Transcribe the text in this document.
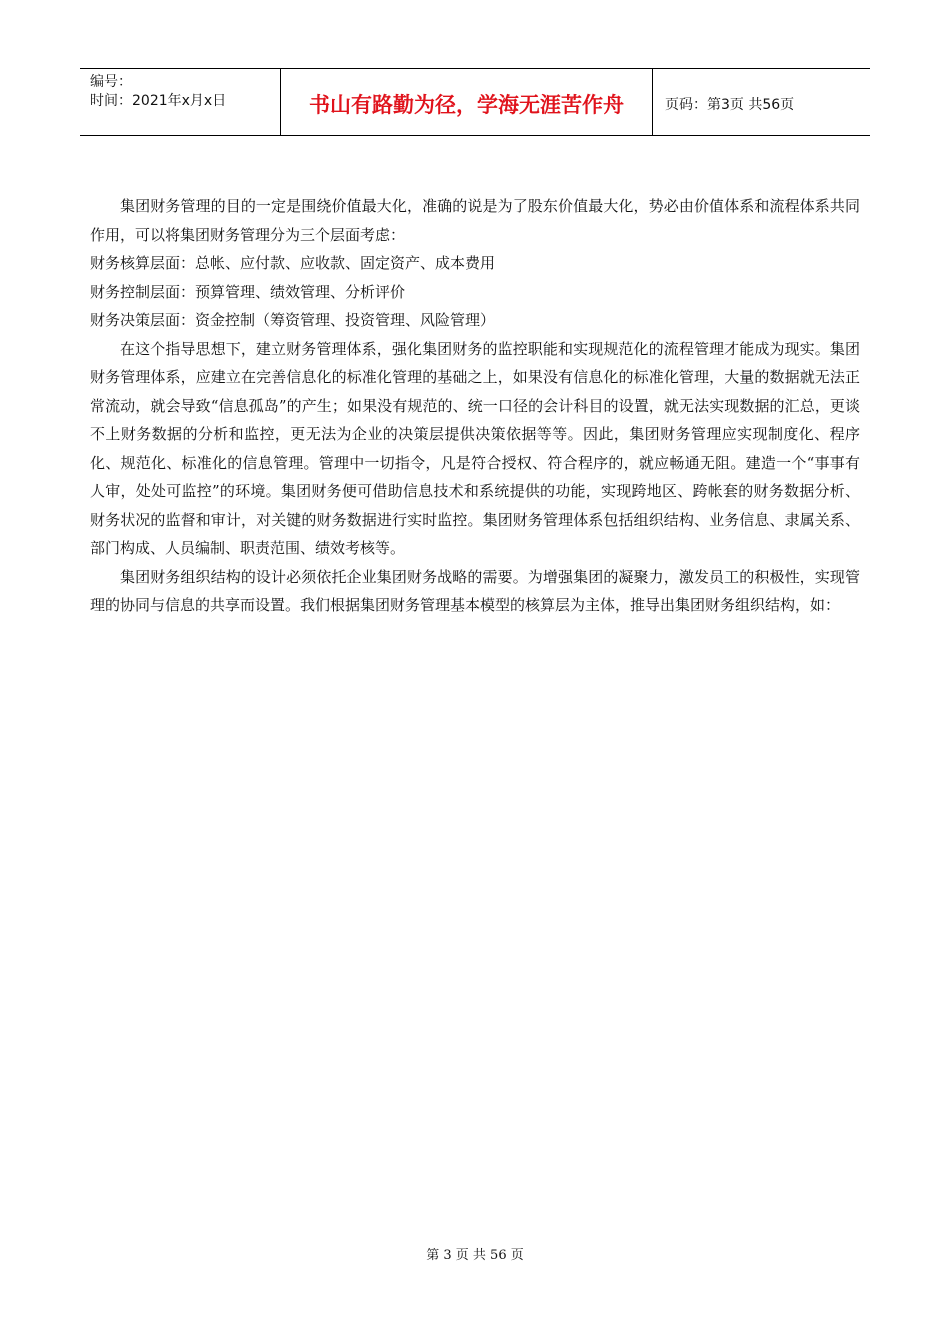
编号：
时间：2021年x月x日	书山有路勤为径，学海无涯苦作舟	页码：第3页 共56页

集团财务管理的目的一定是围绕价值最大化，准确的说是为了股东价值最大化，势必由价值体系和流程体系共同作用，可以将集团财务管理分为三个层面考虑：

财务核算层面：总帐、应付款、应收款、固定资产、成本费用

财务控制层面：预算管理、绩效管理、分析评价

财务决策层面：资金控制（筹资管理、投资管理、风险管理）

在这个指导思想下，建立财务管理体系，强化集团财务的监控职能和实现规范化的流程管理才能成为现实。集团财务管理体系，应建立在完善信息化的标准化管理的基础之上，如果没有信息化的标准化管理，大量的数据就无法正常流动，就会导致“信息孤岛”的产生；如果没有规范的、统一口径的会计科目的设置，就无法实现数据的汇总，更谈不上财务数据的分析和监控，更无法为企业的决策层提供决策依据等等。因此，集团财务管理应实现制度化、程序化、规范化、标准化的信息管理。管理中一切指令，凡是符合授权、符合程序的，就应畅通无阻。建造一个“事事有人审，处处可监控”的环境。集团财务便可借助信息技术和系统提供的功能，实现跨地区、跨帐套的财务数据分析、财务状况的监督和审计，对关键的财务数据进行实时监控。集团财务管理体系包括组织结构、业务信息、隶属关系、部门构成、人员编制、职责范围、绩效考核等。

集团财务组织结构的设计必须依托企业集团财务战略的需要。为增强集团的凝聚力，激发员工的积极性，实现管理的协同与信息的共享而设置。我们根据集团财务管理基本模型的核算层为主体，推导出集团财务组织结构，如：

第 3 页 共 56 页
